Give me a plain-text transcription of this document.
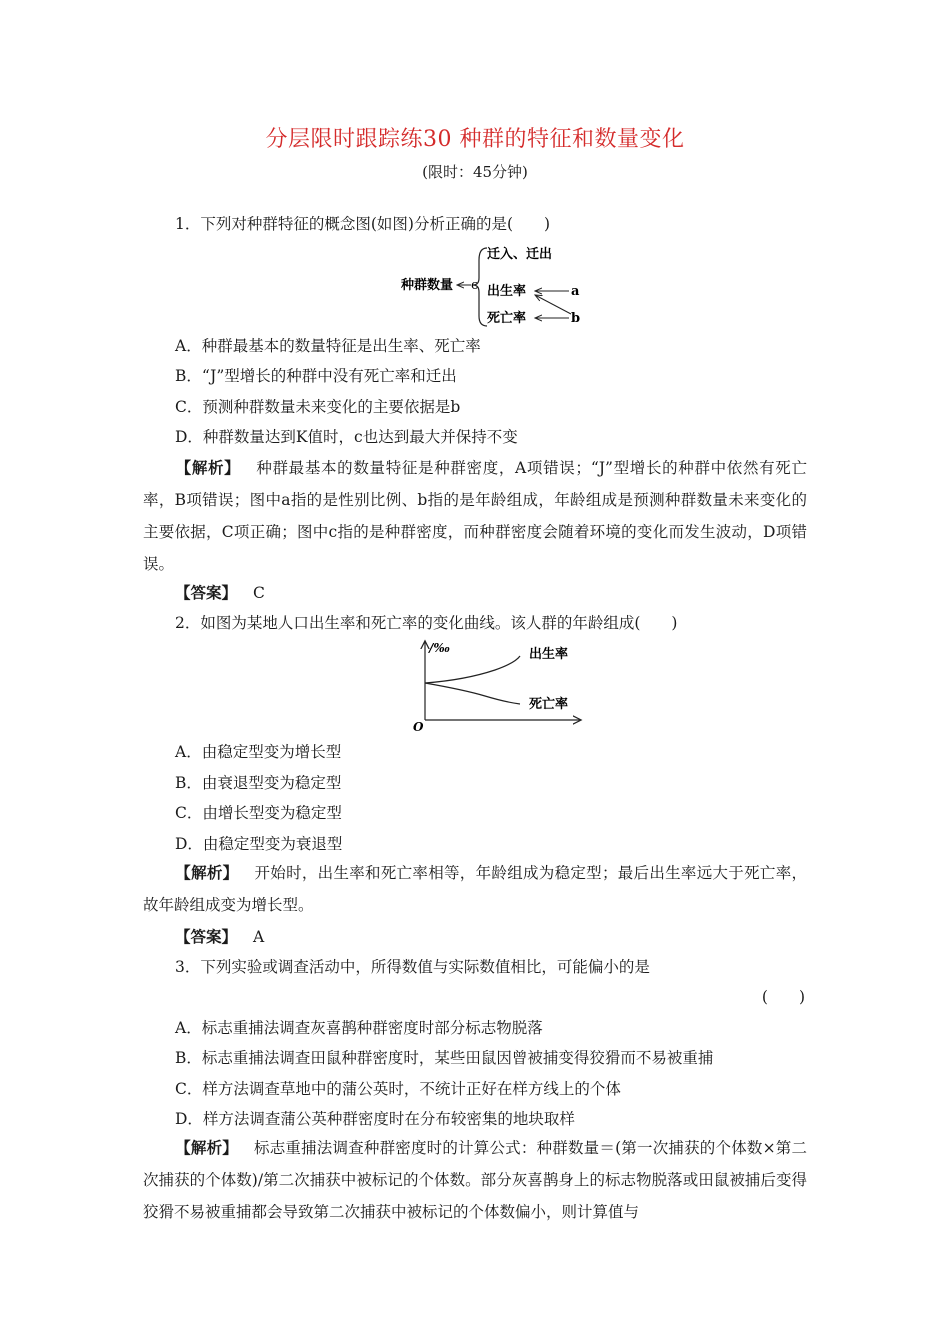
分层限时跟踪练30 种群的特征和数量变化
(限时：45分钟)
1．下列对种群特征的概念图(如图)分析正确的是(　　)
种群数量 c
迁入、迁出
出生率
死亡率
a
b
A．种群最基本的数量特征是出生率、死亡率
B．“J”型增长的种群中没有死亡率和迁出
C．预测种群数量未来变化的主要依据是b
D．种群数量达到K值时，c也达到最大并保持不变
【解析】 种群最基本的数量特征是种群密度，A项错误；“J”型增长的种群中依然有死亡率，B项错误；图中a指的是性别比例、b指的是年龄组成，年龄组成是预测种群数量未来变化的主要依据，C项正确；图中c指的是种群密度，而种群密度会随着环境的变化而发生波动，D项错误。
【答案】 C
2．如图为某地人口出生率和死亡率的变化曲线。该人群的年龄组成(　　)
/‰
O
出生率
死亡率
A．由稳定型变为增长型
B．由衰退型变为稳定型
C．由增长型变为稳定型
D．由稳定型变为衰退型
【解析】 开始时，出生率和死亡率相等，年龄组成为稳定型；最后出生率远大于死亡率，故年龄组成变为增长型。
【答案】 A
3．下列实验或调查活动中，所得数值与实际数值相比，可能偏小的是
(　　)
A．标志重捕法调查灰喜鹊种群密度时部分标志物脱落
B．标志重捕法调查田鼠种群密度时，某些田鼠因曾被捕变得狡猾而不易被重捕
C．样方法调查草地中的蒲公英时，不统计正好在样方线上的个体
D．样方法调查蒲公英种群密度时在分布较密集的地块取样
【解析】 标志重捕法调查种群密度时的计算公式：种群数量＝(第一次捕获的个体数×第二次捕获的个体数)/第二次捕获中被标记的个体数。部分灰喜鹊身上的标志物脱落或田鼠被捕后变得狡猾不易被重捕都会导致第二次捕获中被标记的个体数偏小，则计算值与
